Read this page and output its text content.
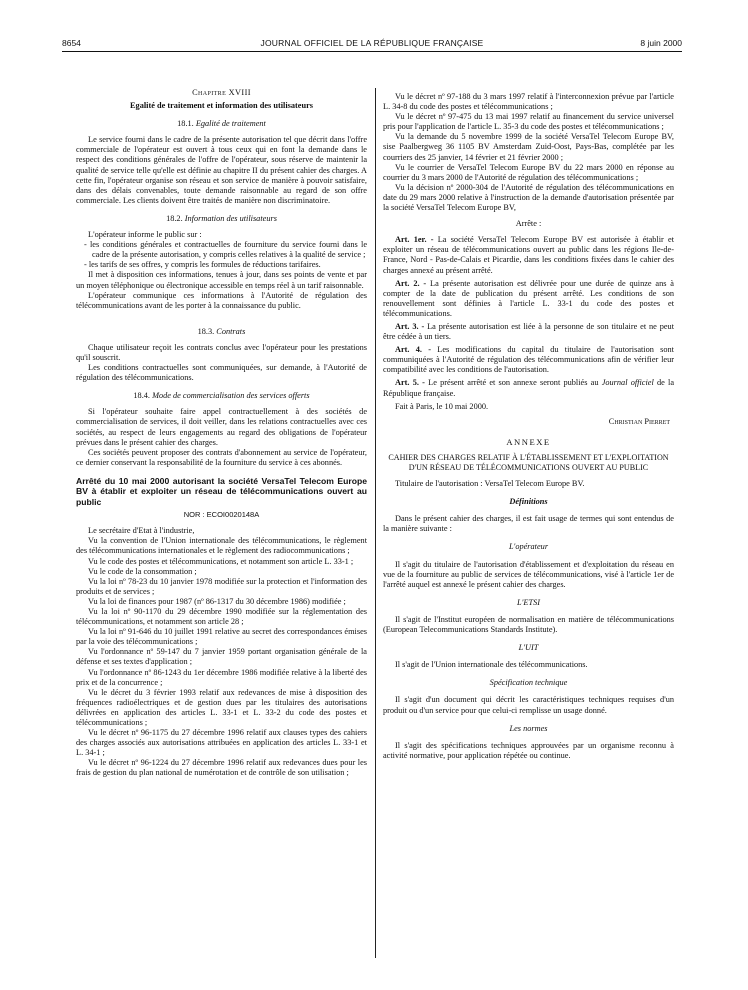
8654	JOURNAL OFFICIEL DE LA RÉPUBLIQUE FRANÇAISE	8 juin 2000
Chapitre XVIII
Egalité de traitement et information des utilisateurs
18.1. Egalité de traitement

Le service fourni dans le cadre de la présente autorisation tel que décrit dans l'offre commerciale de l'opérateur est ouvert à tous ceux qui en font la demande dans le respect des conditions générales de l'offre de l'opérateur, sous réserve de maintenir la qualité de service telle qu'elle est définie au chapitre II du présent cahier des charges. A cette fin, l'opérateur organise son réseau et son service de manière à pouvoir satisfaire, dans des délais convenables, toute demande raisonnable au regard de son offre commerciale. Les clients doivent être traités de manière non discriminatoire.

18.2. Information des utilisateurs

L'opérateur informe le public sur :

- les conditions générales et contractuelles de fourniture du service fourni dans le cadre de la présente autorisation, y compris celles relatives à la qualité de service ;
- les tarifs de ses offres, y compris les formules de réductions tarifaires.

Il met à disposition ces informations, tenues à jour, dans ses points de vente et par un moyen téléphonique ou électronique accessible en temps réel à un tarif raisonnable.

L'opérateur communique ces informations à l'Autorité de régulation des télécommunications avant de les porter à la connaissance du public.

18.3. Contrats

Chaque utilisateur reçoit les contrats conclus avec l'opérateur pour les prestations qu'il souscrit.

Les conditions contractuelles sont communiquées, sur demande, à l'Autorité de régulation des télécommunications.

18.4. Mode de commercialisation des services offerts

Si l'opérateur souhaite faire appel contractuellement à des sociétés de commercialisation de services, il doit veiller, dans les relations contractuelles avec ces sociétés, au respect de leurs engagements au regard des obligations de l'opérateur prévues dans le présent cahier des charges.

Ces sociétés peuvent proposer des contrats d'abonnement au service de l'opérateur, ce dernier conservant la responsabilité de la fourniture du service à ces abonnés.

Arrêté du 10 mai 2000 autorisant la société VersaTel Telecom Europe BV à établir et exploiter un réseau de télécommunications ouvert au public
NOR : ECOI0020148A

Le secrétaire d'Etat à l'industrie,

Vu la convention de l'Union internationale des télécommunications, le règlement des télécommunications internationales et le règlement des radiocommunications ;

Vu le code des postes et télécommunications, et notamment son article L. 33-1 ;

Vu le code de la consommation ;

Vu la loi nº 78-23 du 10 janvier 1978 modifiée sur la protection et l'information des produits et de services ;

Vu la loi de finances pour 1987 (nº 86-1317 du 30 décembre 1986) modifiée ;

Vu la loi nº 90-1170 du 29 décembre 1990 modifiée sur la réglementation des télécommunications, et notamment son article 28 ;

Vu la loi nº 91-646 du 10 juillet 1991 relative au secret des correspondances émises par la voie des télécommunications ;

Vu l'ordonnance nº 59-147 du 7 janvier 1959 portant organisation générale de la défense et ses textes d'application ;

Vu l'ordonnance nº 86-1243 du 1er décembre 1986 modifiée relative à la liberté des prix et de la concurrence ;

Vu le décret du 3 février 1993 relatif aux redevances de mise à disposition des fréquences radioélectriques et de gestion dues par les titulaires des autorisations délivrées en application des articles L. 33-1 et L. 33-2 du code des postes et télécommunications ;

Vu le décret nº 96-1175 du 27 décembre 1996 relatif aux clauses types des cahiers des charges associés aux autorisations attribuées en application des articles L. 33-1 et L. 34-1 ;

Vu le décret nº 96-1224 du 27 décembre 1996 relatif aux redevances dues pour les frais de gestion du plan national de numérotation et de contrôle de son utilisation ;

Vu le décret nº 97-188 du 3 mars 1997 relatif à l'interconnexion prévue par l'article L. 34-8 du code des postes et télécommunications ;

Vu le décret nº 97-475 du 13 mai 1997 relatif au financement du service universel pris pour l'application de l'article L. 35-3 du code des postes et télécommunications ;

Vu la demande du 5 novembre 1999 de la société VersaTel Telecom Europe BV, sise Paalbergweg 36 1105 BV Amsterdam Zuid-Oost, Pays-Bas, complétée par les courriers des 25 janvier, 14 février et 21 février 2000 ;

Vu le courrier de VersaTel Telecom Europe BV du 22 mars 2000 en réponse au courrier du 3 mars 2000 de l'Autorité de régulation des télécommunications ;

Vu la décision nº 2000-304 de l'Autorité de régulation des télécommunications en date du 29 mars 2000 relative à l'instruction de la demande d'autorisation présentée par la société VersaTel Telecom Europe BV,

Arrête :

Art. 1er. - La société VersaTel Telecom Europe BV est autorisée à établir et exploiter un réseau de télécommunications ouvert au public dans les régions Ile-de-France, Nord - Pas-de-Calais et Picardie, dans les conditions fixées dans le cahier des charges annexé au présent arrêté.

Art. 2. - La présente autorisation est délivrée pour une durée de quinze ans à compter de la date de publication du présent arrêté. Les conditions de son renouvellement sont définies à l'article L. 33-1 du code des postes et télécommunications.

Art. 3. - La présente autorisation est liée à la personne de son titulaire et ne peut être cédée à un tiers.

Art. 4. - Les modifications du capital du titulaire de l'autorisation sont communiquées à l'Autorité de régulation des télécommunications afin de vérifier leur compatibilité avec les conditions de l'autorisation.

Art. 5. - Le présent arrêté et son annexe seront publiés au Journal officiel de la République française.

Fait à Paris, le 10 mai 2000.

Christian Pierret
ANNEXE

CAHIER DES CHARGES RELATIF À L'ÉTABLISSEMENT ET L'EXPLOITATION D'UN RÉSEAU DE TÉLÉCOMMUNICATIONS OUVERT AU PUBLIC

Titulaire de l'autorisation : VersaTel Telecom Europe BV.

Définitions

Dans le présent cahier des charges, il est fait usage de termes qui sont entendus de la manière suivante :

L'opérateur

Il s'agit du titulaire de l'autorisation d'établissement et d'exploitation du réseau en vue de la fourniture au public de services de télécommunications, visé à l'article 1er de l'arrêté auquel est annexé le présent cahier des charges.

L'ETSI

Il s'agit de l'Institut européen de normalisation en matière de télécommunications (European Telecommunications Standards Institute).

L'UIT

Il s'agit de l'Union internationale des télécommunications.

Spécification technique

Il s'agit d'un document qui décrit les caractéristiques techniques requises d'un produit ou d'un service pour que celui-ci remplisse un usage donné.

Les normes

Il s'agit des spécifications techniques approuvées par un organisme reconnu à activité normative, pour application répétée ou continue.
